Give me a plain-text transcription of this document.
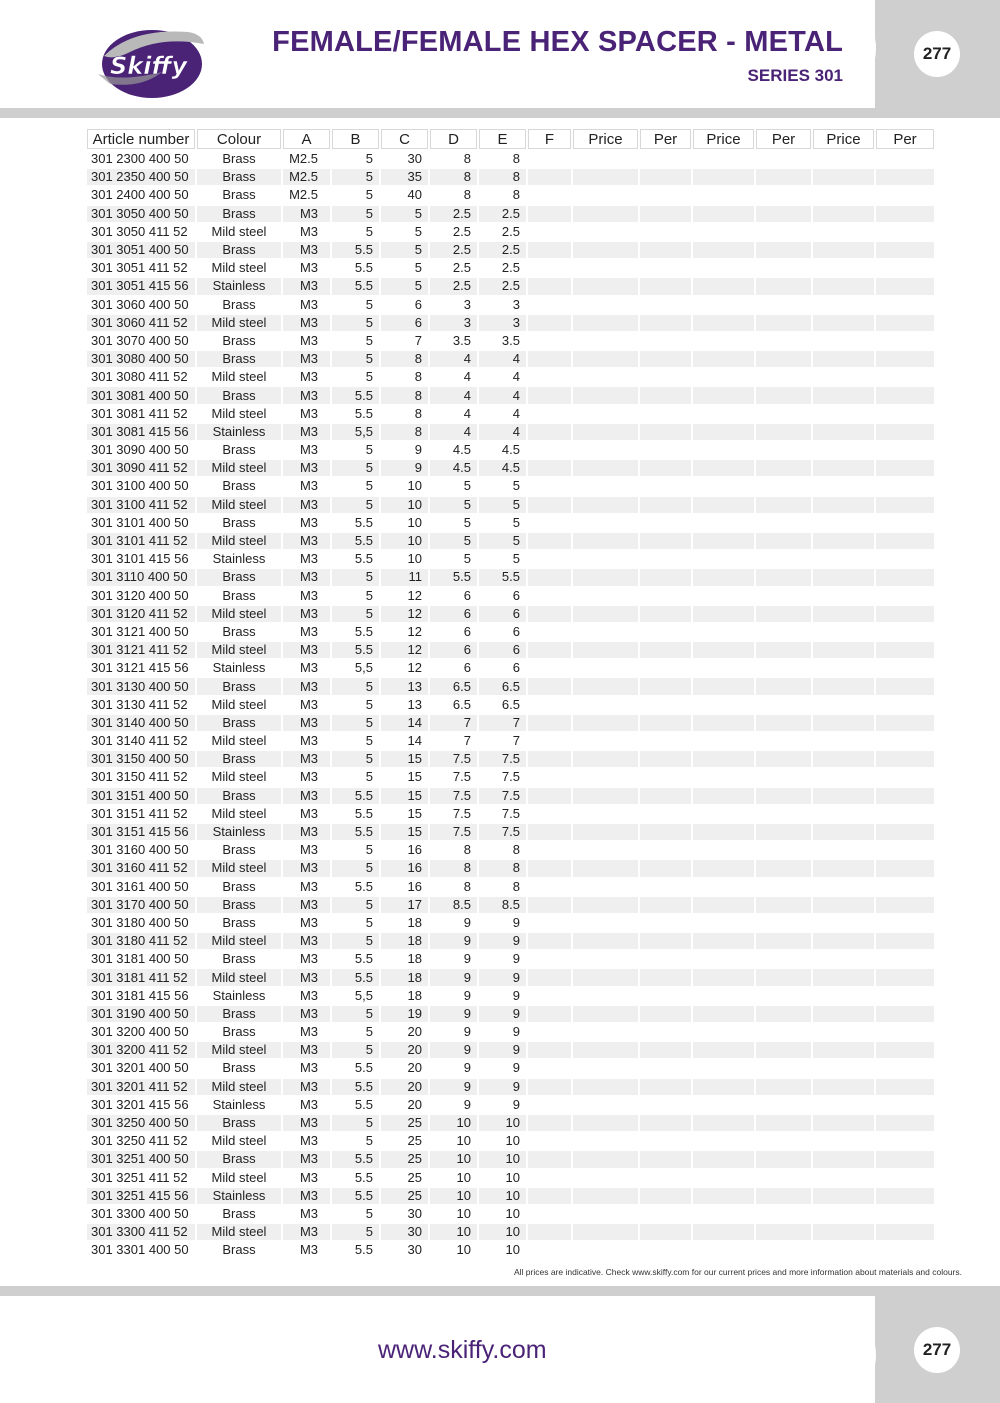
Skiffy
FEMALE/FEMALE HEX SPACER - METAL
SERIES 301
277
Article number	Colour	A	B	C	D	E	F	Price	Per	Price	Per	Price	Per
301 2300 400 50	Brass	M2.5	5	30	8	8							
301 2350 400 50	Brass	M2.5	5	35	8	8							
301 2400 400 50	Brass	M2.5	5	40	8	8							
301 3050 400 50	Brass	M3	5	5	2.5	2.5							
301 3050 411 52	Mild steel	M3	5	5	2.5	2.5							
301 3051 400 50	Brass	M3	5.5	5	2.5	2.5							
301 3051 411 52	Mild steel	M3	5.5	5	2.5	2.5							
301 3051 415 56	Stainless	M3	5.5	5	2.5	2.5							
301 3060 400 50	Brass	M3	5	6	3	3							
301 3060 411 52	Mild steel	M3	5	6	3	3							
301 3070 400 50	Brass	M3	5	7	3.5	3.5							
301 3080 400 50	Brass	M3	5	8	4	4							
301 3080 411 52	Mild steel	M3	5	8	4	4							
301 3081 400 50	Brass	M3	5.5	8	4	4							
301 3081 411 52	Mild steel	M3	5.5	8	4	4							
301 3081 415 56	Stainless	M3	5,5	8	4	4							
301 3090 400 50	Brass	M3	5	9	4.5	4.5							
301 3090 411 52	Mild steel	M3	5	9	4.5	4.5							
301 3100 400 50	Brass	M3	5	10	5	5							
301 3100 411 52	Mild steel	M3	5	10	5	5							
301 3101 400 50	Brass	M3	5.5	10	5	5							
301 3101 411 52	Mild steel	M3	5.5	10	5	5							
301 3101 415 56	Stainless	M3	5.5	10	5	5							
301 3110 400 50	Brass	M3	5	11	5.5	5.5							
301 3120 400 50	Brass	M3	5	12	6	6							
301 3120 411 52	Mild steel	M3	5	12	6	6							
301 3121 400 50	Brass	M3	5.5	12	6	6							
301 3121 411 52	Mild steel	M3	5.5	12	6	6							
301 3121 415 56	Stainless	M3	5,5	12	6	6							
301 3130 400 50	Brass	M3	5	13	6.5	6.5							
301 3130 411 52	Mild steel	M3	5	13	6.5	6.5							
301 3140 400 50	Brass	M3	5	14	7	7							
301 3140 411 52	Mild steel	M3	5	14	7	7							
301 3150 400 50	Brass	M3	5	15	7.5	7.5							
301 3150 411 52	Mild steel	M3	5	15	7.5	7.5							
301 3151 400 50	Brass	M3	5.5	15	7.5	7.5							
301 3151 411 52	Mild steel	M3	5.5	15	7.5	7.5							
301 3151 415 56	Stainless	M3	5.5	15	7.5	7.5							
301 3160 400 50	Brass	M3	5	16	8	8							
301 3160 411 52	Mild steel	M3	5	16	8	8							
301 3161 400 50	Brass	M3	5.5	16	8	8							
301 3170 400 50	Brass	M3	5	17	8.5	8.5							
301 3180 400 50	Brass	M3	5	18	9	9							
301 3180 411 52	Mild steel	M3	5	18	9	9							
301 3181 400 50	Brass	M3	5.5	18	9	9							
301 3181 411 52	Mild steel	M3	5.5	18	9	9							
301 3181 415 56	Stainless	M3	5,5	18	9	9							
301 3190 400 50	Brass	M3	5	19	9	9							
301 3200 400 50	Brass	M3	5	20	9	9							
301 3200 411 52	Mild steel	M3	5	20	9	9							
301 3201 400 50	Brass	M3	5.5	20	9	9							
301 3201 411 52	Mild steel	M3	5.5	20	9	9							
301 3201 415 56	Stainless	M3	5.5	20	9	9							
301 3250 400 50	Brass	M3	5	25	10	10							
301 3250 411 52	Mild steel	M3	5	25	10	10							
301 3251 400 50	Brass	M3	5.5	25	10	10							
301 3251 411 52	Mild steel	M3	5.5	25	10	10							
301 3251 415 56	Stainless	M3	5.5	25	10	10							
301 3300 400 50	Brass	M3	5	30	10	10							
301 3300 411 52	Mild steel	M3	5	30	10	10							
301 3301 400 50	Brass	M3	5.5	30	10	10							
All prices are indicative. Check www.skiffy.com for our current prices and more information about materials and colours.
www.skiffy.com	277
